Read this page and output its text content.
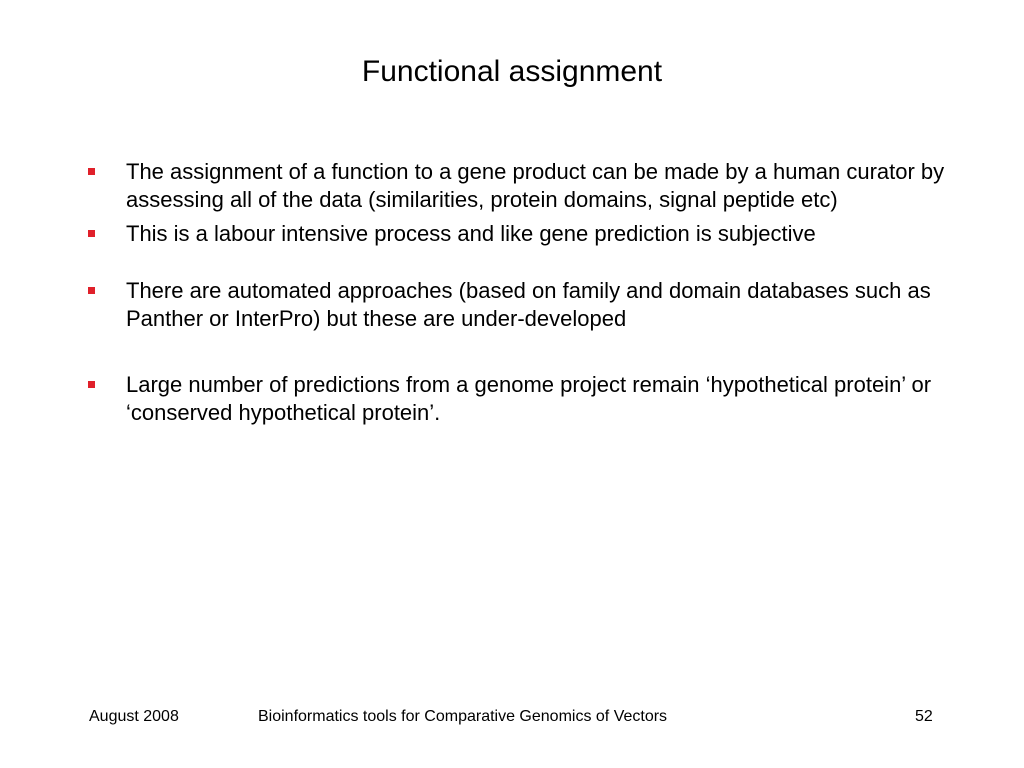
Functional assignment
The assignment of a function to a gene product can be made by a human curator by assessing all of the data (similarities, protein domains, signal peptide etc)
This is a labour intensive process and like gene prediction is subjective
There are automated approaches (based on family and domain databases such as Panther or InterPro) but these are under-developed
Large number of predictions from a genome project remain ‘hypothetical protein’ or ‘conserved hypothetical protein’.
August 2008	Bioinformatics tools for Comparative Genomics of Vectors	52
